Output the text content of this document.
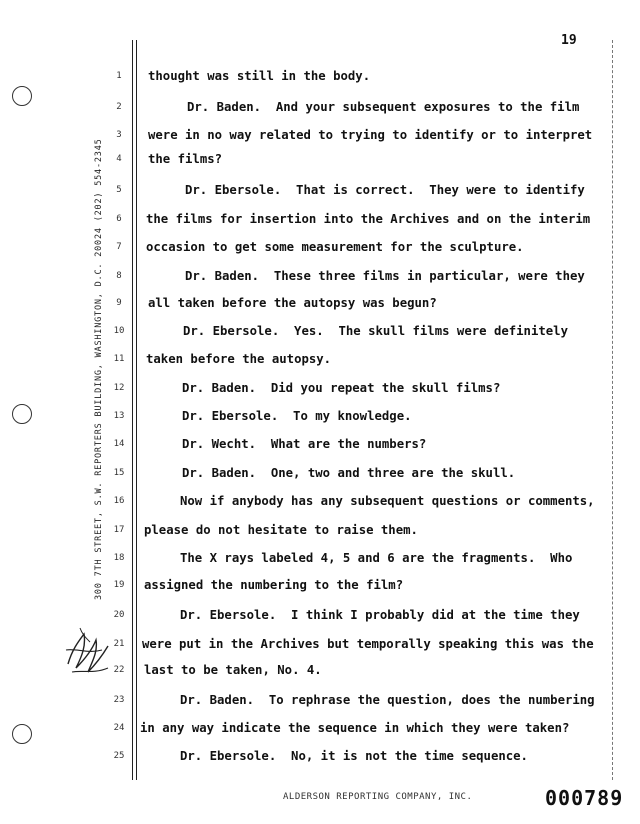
19
300 7TH STREET, S.W. REPORTERS BUILDING, WASHINGTON, D.C. 20024 (202) 554-2345
1	thought was still in the body.
2	Dr. Baden.  And your subsequent exposures to the film
3	were in no way related to trying to identify or to interpret
4	the films?
5	Dr. Ebersole.  That is correct.  They were to identify
6	the films for insertion into the Archives and on the interim
7	occasion to get some measurement for the sculpture.
8	Dr. Baden.  These three films in particular, were they
9	all taken before the autopsy was begun?
10	Dr. Ebersole.  Yes.  The skull films were definitely
11 taken before the autopsy.
12	Dr. Baden.  Did you repeat the skull films?
13	Dr. Ebersole.  To my knowledge.
14	Dr. Wecht.  What are the numbers?
15	Dr. Baden.  One, two and three are the skull.
16	Now if anybody has any subsequent questions or comments,
17 please do not hesitate to raise them.
18	The X rays labeled 4, 5 and 6 are the fragments.  Who
19 assigned the numbering to the film?
20	Dr. Ebersole.  I think I probably did at the time they
21 were put in the Archives but temporally speaking this was the
22 last to be taken, No. 4.
23	Dr. Baden.  To rephrase the question, does the numbering
24 in any way indicate the sequence in which they were taken?
25	Dr. Ebersole.  No, it is not the time sequence.
ALDERSON REPORTING COMPANY, INC.	000789
